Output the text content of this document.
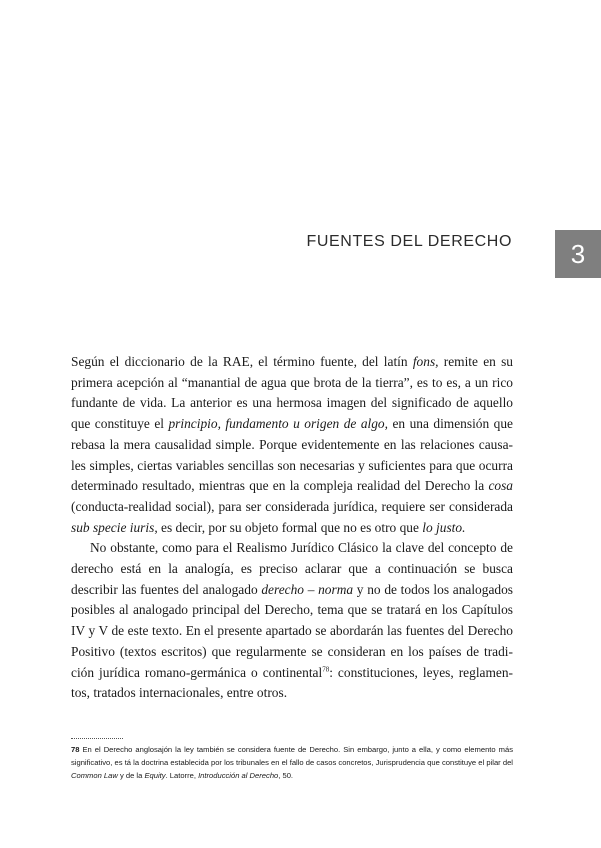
FUENTES DEL DERECHO	3

Según el diccionario de la RAE, el término fuente, del latín fons, remite en su primera acepción al “manantial de agua que brota de la tierra”, es to es, a un rico fundante de vida. La anterior es una hermosa imagen del significado de aquello que constituye el principio, fundamento u origen de algo, en una dimensión que rebasa la mera causalidad simple. Porque evidentemente en las relaciones causales simples, ciertas variables sencillas son necesarias y suficientes para que ocurra determinado resultado, mientras que en la compleja realidad del Derecho la cosa (conducta-realidad social), para ser considerada jurídica, requiere ser considerada sub specie iuris, es decir, por su objeto formal que no es otro que lo justo.

No obstante, como para el Realismo Jurídico Clásico la clave del concepto de derecho está en la analogía, es preciso aclarar que a continuación se busca describir las fuentes del analogado derecho – norma y no de todos los analogados posibles al analogado principal del Derecho, tema que se tratará en los Capítulos IV y V de este texto. En el presente apartado se abordarán las fuentes del Derecho Positivo (textos escritos) que regularmente se consideran en los países de tradición jurídica romano-germánica o continental$^{78}$: constituciones, leyes, reglamentos, tratados internacionales, entre otros.

78 En el Derecho anglosajón la ley también se considera fuente de Derecho. Sin embargo, junto a ella, y como elemento más significativo, es tá la doctrina establecida por los tribunales en el fallo de casos concretos, Jurisprudencia que constituye el pilar del Common Law y de la Equity. Latorre, Introducción al Derecho, 50.
